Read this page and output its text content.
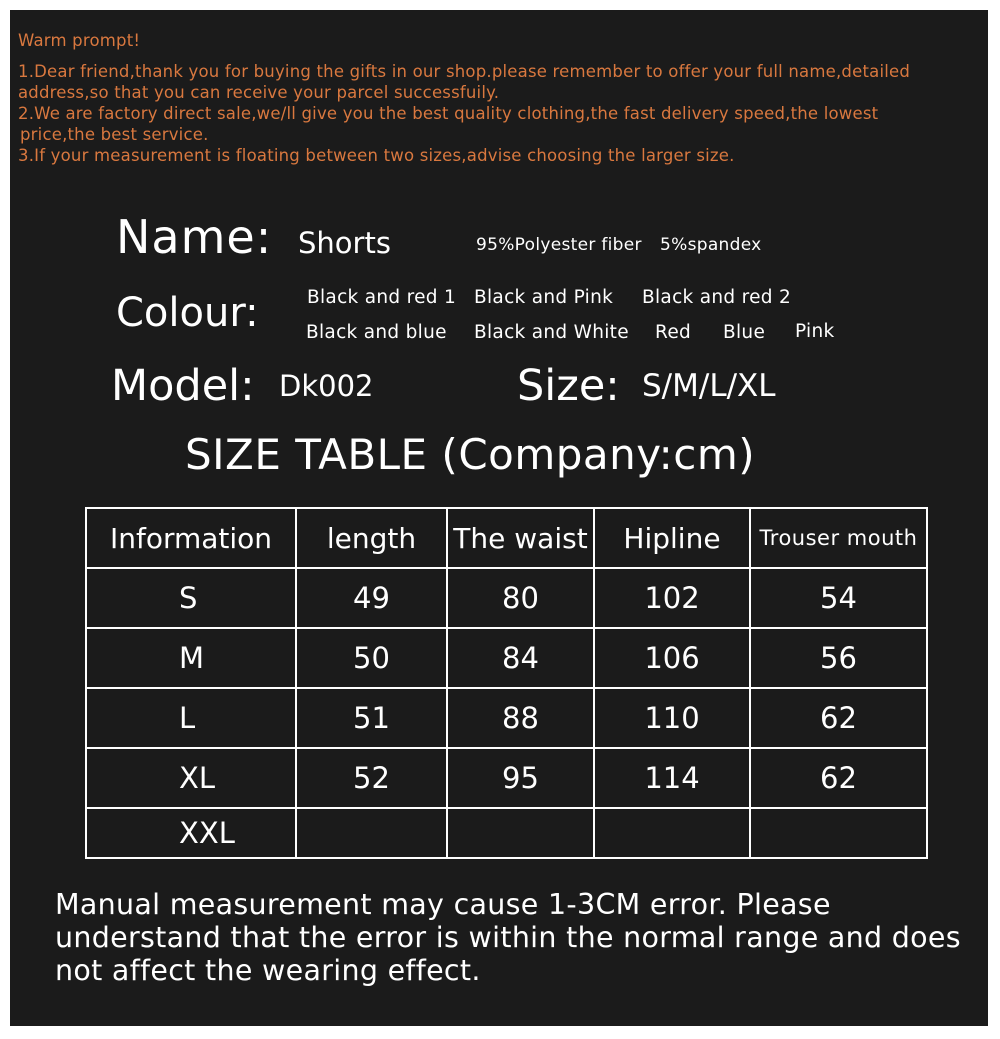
Warm prompt!
1.Dear friend,thank you for buying the gifts in our shop.please remember to offer your full name,detailed
address,so that you can receive your parcel successfuily.
2.We are factory direct sale,we/ll give you the best quality clothing,the fast delivery speed,the lowest
price,the best service.
3.If your measurement is floating between two sizes,advise choosing the larger size.
Name: Shorts	95%Polyester fiber 5%spandex
Colour:	Black and red 1 Black and Pink Black and red 2
Black and blue Black and White Red Blue Pink
Model: Dk002	Size: S/M/L/XL
SIZE TABLE (Company:cm)
Information	length	The waist	Hipline	Trouser mouth
S	49	80	102	54
M	50	84	106	56
L	51	88	110	62
XL	52	95	114	62
XXL				
Manual measurement may cause 1-3CM error. Please understand that the error is within the normal range and does not affect the wearing effect.
